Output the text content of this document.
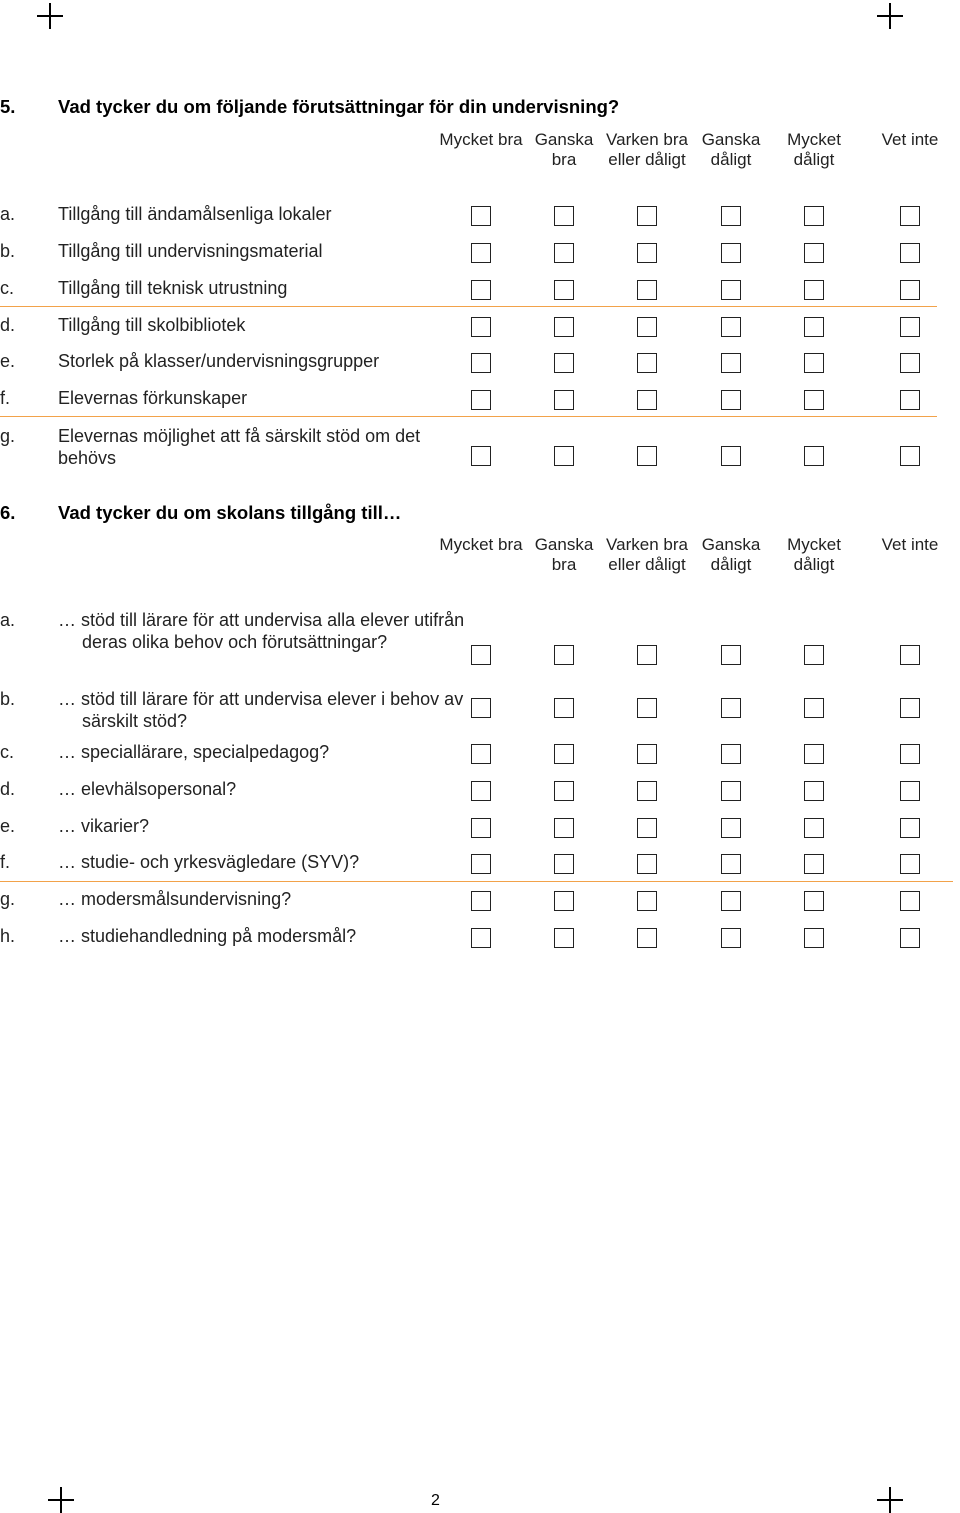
5. Vad tycker du om följande förutsättningar för din undervisning?
Mycket bra Ganska bra
Varken bra eller dåligt
Ganska dåligt
Mycket dåligt
Vet inte
a. Tillgång till ändamålsenliga lokaler
b. Tillgång till undervisningsmaterial
c. Tillgång till teknisk utrustning
d. Tillgång till skolbibliotek
e. Storlek på klasser/undervisningsgrupper
f.	Elevernas förkunskaper
g. Elevernas möjlighet att få särskilt stöd om det behövs
6. Vad tycker du om skolans tillgång till…
Mycket bra Ganska bra
Varken bra eller dåligt
Ganska dåligt
Mycket dåligt
Vet inte
a. … stöd till lärare för att undervisa alla elever utifrån deras olika behov och förutsättningar?
b. … stöd till lärare för att undervisa elever i behov av särskilt stöd?
c. … speciallärare, specialpedagog?
d. … elevhälsopersonal?
e. … vikarier?
f.	… studie- och yrkesvägledare (SYV)?
g. … modersmålsundervisning?
h. … studiehandledning på modersmål?
2
